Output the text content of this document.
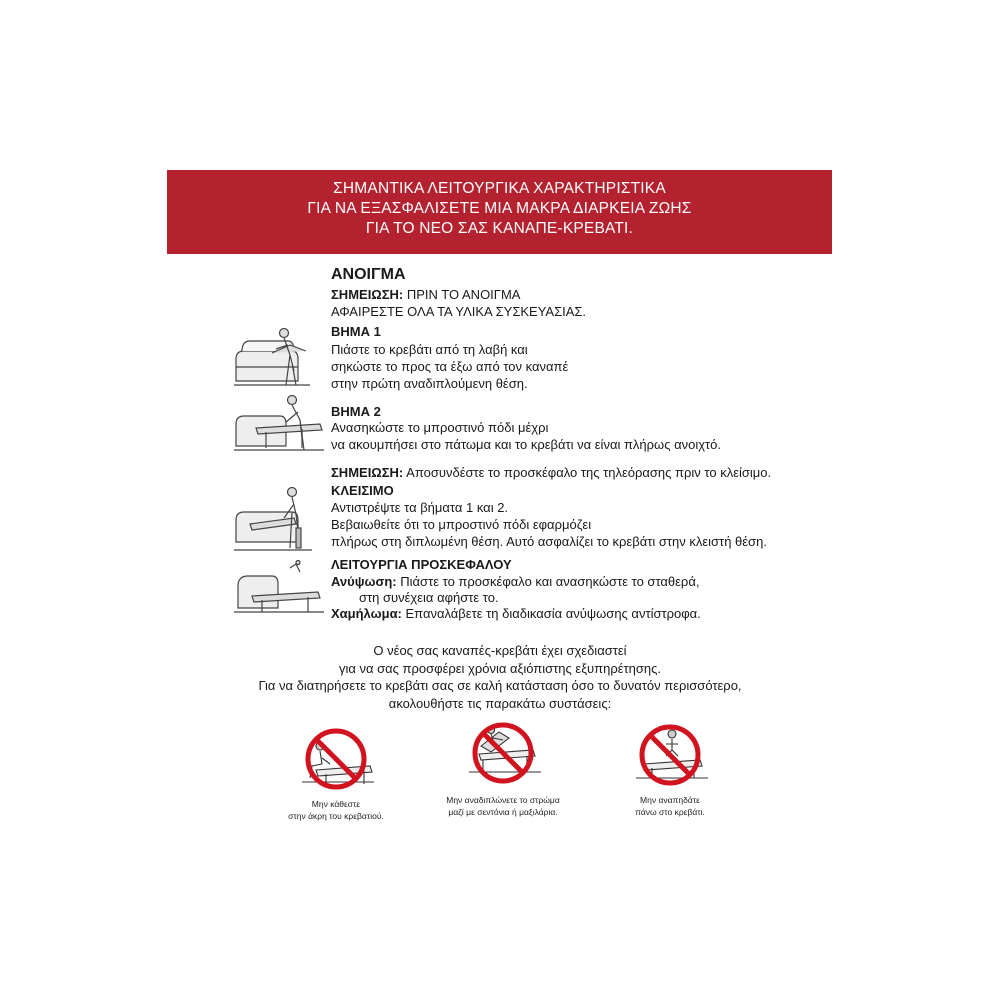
ΣΗΜΑΝΤΙΚΑ ΛΕΙΤΟΥΡΓΙΚΑ ΧΑΡΑΚΤΗΡΙΣΤΙΚΑ
ΓΙΑ ΝΑ ΕΞΑΣΦΑΛΙΣΕΤΕ ΜΙΑ ΜΑΚΡΑ ΔΙΑΡΚΕΙΑ ΖΩΗΣ
ΓΙΑ ΤΟ ΝΕΟ ΣΑΣ ΚΑΝΑΠΕ-ΚΡΕΒΑΤΙ.
ΑΝΟΙΓΜΑ
ΣΗΜΕΙΩΣΗ: ΠΡΙΝ ΤΟ ΑΝΟΙΓΜΑ
ΑΦΑΙΡΕΣΤΕ ΟΛΑ ΤΑ ΥΛΙΚΑ ΣΥΣΚΕΥΑΣΙΑΣ.
ΒΗΜΑ 1
Πιάστε το κρεβάτι από τη λαβή και
σηκώστε το προς τα έξω από τον καναπέ
στην πρώτη αναδιπλούμενη θέση.
ΒΗΜΑ 2
Ανασηκώστε το μπροστινό πόδι μέχρι
να ακουμπήσει στο πάτωμα και το κρεβάτι να είναι πλήρως ανοιχτό.
ΣΗΜΕΙΩΣΗ: Αποσυνδέστε το προσκέφαλο της τηλεόρασης πριν το κλείσιμο.
ΚΛΕΙΣΙΜΟ
Αντιστρέψτε τα βήματα 1 και 2.
Βεβαιωθείτε ότι το μπροστινό πόδι εφαρμόζει
πλήρως στη διπλωμένη θέση. Αυτό ασφαλίζει το κρεβάτι στην κλειστή θέση.
ΛΕΙΤΟΥΡΓΙΑ ΠΡΟΣΚΕΦΑΛΟΥ
Ανύψωση: Πιάστε το προσκέφαλο και ανασηκώστε το σταθερά,
στη συνέχεια αφήστε το.
Χαμήλωμα: Επαναλάβετε τη διαδικασία ανύψωσης αντίστροφα.
Ο νέος σας καναπές-κρεβάτι έχει σχεδιαστεί
για να σας προσφέρει χρόνια αξιόπιστης εξυπηρέτησης.
Για να διατηρήσετε το κρεβάτι σας σε καλή κατάσταση όσο το δυνατόν περισσότερο,
ακολουθήστε τις παρακάτω συστάσεις:
Μην κάθεστε
στην άκρη του κρεβατιού.
Μην αναδιπλώνετε το στρώμα
μαζί με σεντόνια ή μαξιλάρια.
Μην αναπηδάτε
πάνω στο κρεβάτι.
